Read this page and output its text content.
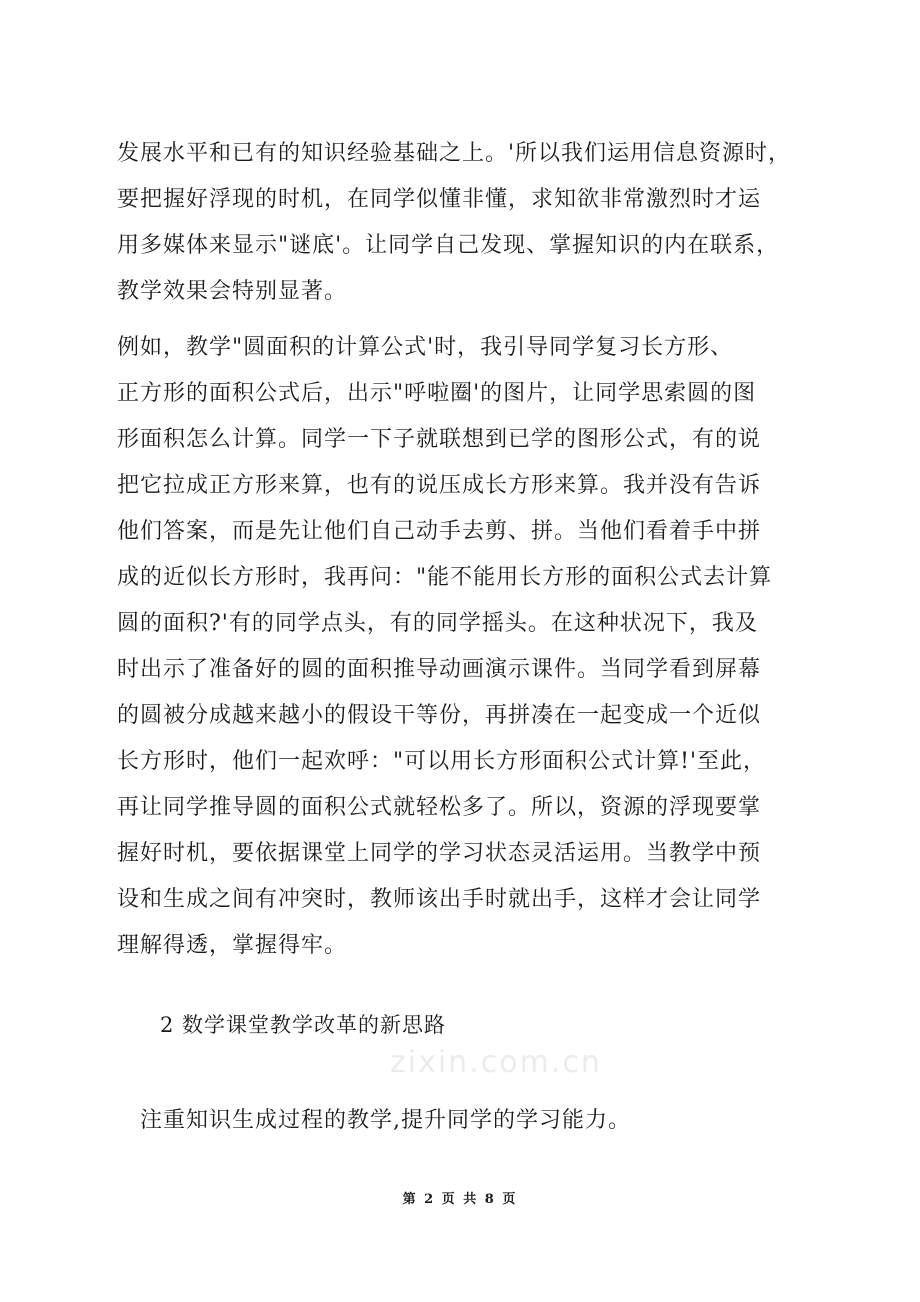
zixin.com.cn
发展水平和已有的知识经验基础之上。'所以我们运用信息资源时，
要把握好浮现的时机，在同学似懂非懂，求知欲非常激烈时才运
用多媒体来显示"谜底'。让同学自己发现、掌握知识的内在联系，
教学效果会特别显著。
例如，教学"圆面积的计算公式'时，我引导同学复习长方形、
正方形的面积公式后，出示"呼啦圈'的图片，让同学思索圆的图
形面积怎么计算。同学一下子就联想到已学的图形公式，有的说
把它拉成正方形来算，也有的说压成长方形来算。我并没有告诉
他们答案，而是先让他们自己动手去剪、拼。当他们看着手中拼
成的近似长方形时，我再问："能不能用长方形的面积公式去计算
圆的面积?'有的同学点头，有的同学摇头。在这种状况下，我及
时出示了准备好的圆的面积推导动画演示课件。当同学看到屏幕
的圆被分成越来越小的假设干等份，再拼凑在一起变成一个近似
长方形时，他们一起欢呼："可以用长方形面积公式计算!'至此，
再让同学推导圆的面积公式就轻松多了。所以，资源的浮现要掌
握好时机，要依据课堂上同学的学习状态灵活运用。当教学中预
设和生成之间有冲突时，教师该出手时就出手，这样才会让同学
理解得透，掌握得牢。
2 数学课堂教学改革的新思路
注重知识生成过程的教学,提升同学的学习能力。
第 2 页 共 8 页
